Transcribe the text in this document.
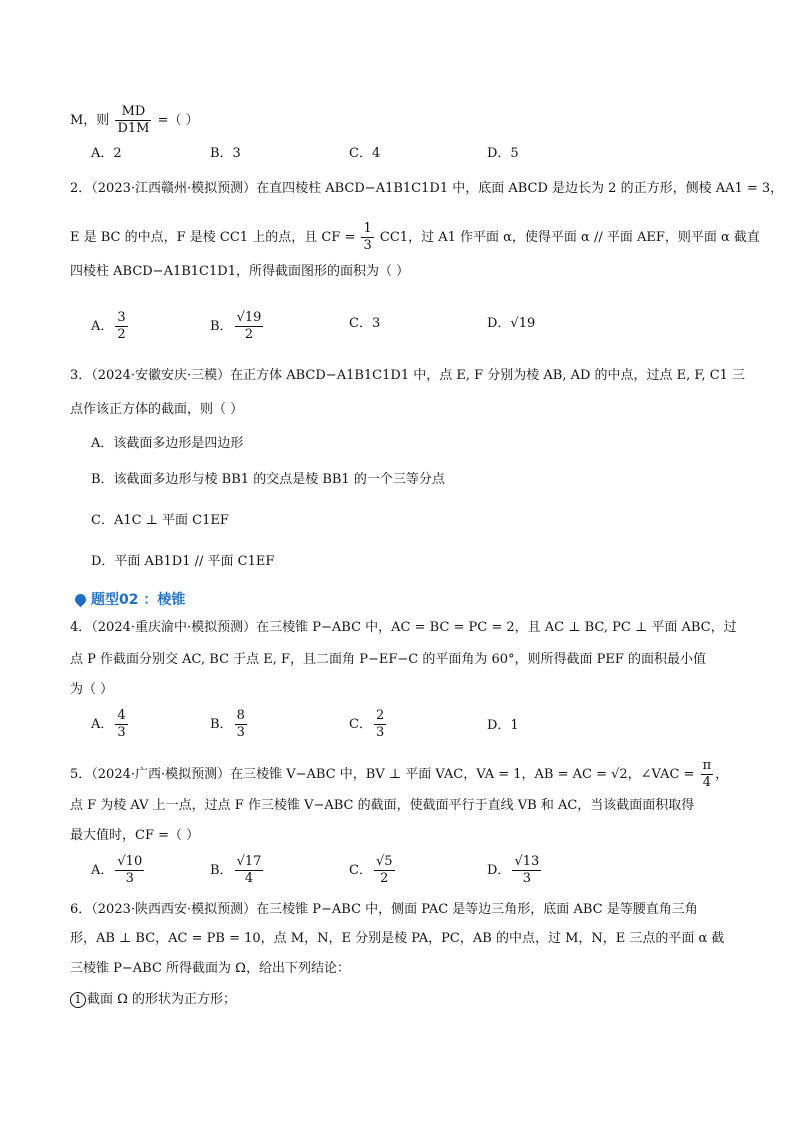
M，则 $\frac{MD}{D1M}$ =（ ）
A．2	B．3	C．4	D．5
2．（2023·江西赣州·模拟预测）在直四棱柱 ABCD−A1B1C1D1 中，底面 ABCD 是边长为 2 的正方形，侧棱 AA1 = 3，
E 是 BC 的中点，F 是棱 CC1 上的点，且 CF = $\frac{1}{3} CC1$，过 A1 作平面 α，使得平面 α // 平面 AEF，则平面 α 截直
四棱柱 ABCD−A1B1C1D1，所得截面图形的面积为（ ）
A． $\frac{3}{2}$	B． $\frac{√19}{2}$	C．3	D．√19
3．（2024·安徽安庆·三模）在正方体 ABCD−A1B1C1D1 中，点 E, F 分别为棱 AB, AD 的中点，过点 E, F, C1 三
点作该正方体的截面，则（ ）
A．该截面多边形是四边形
B．该截面多边形与棱 BB1 的交点是棱 BB1 的一个三等分点
C．A1C ⊥ 平面 C1EF
D．平面 AB1D1 // 平面 C1EF
题型02 ：棱锥
4．（2024·重庆渝中·模拟预测）在三棱锥 P−ABC 中，AC = BC = PC = 2，且 AC ⊥ BC, PC ⊥ 平面 ABC，过
点 P 作截面分别交 AC, BC 于点 E, F，且二面角 P−EF−C 的平面角为 60°，则所得截面 PEF 的面积最小值
为（ ）
A． $\frac{4}{3}$	B． $\frac{8}{3}$	C． $\frac{2}{3}$	D．1
5．（2024·广西·模拟预测）在三棱锥 V−ABC 中，BV ⊥ 平面 VAC，VA = 1，AB = AC = √2，∠VAC = $\frac{\pi}{4}$ ，
点 F 为棱 AV 上一点，过点 F 作三棱锥 V−ABC 的截面，使截面平行于直线 VB 和 AC，当该截面面积取得
最大值时，CF =（ ）
A． $\frac{√10}{3}$	B． $\frac{√17}{4}$	C． $\frac{√5}{2}$	D． $\frac{√13}{3}$
6．（2023·陕西西安·模拟预测）在三棱锥 P−ABC 中，侧面 PAC 是等边三角形，底面 ABC 是等腰直角三角
形，AB ⊥ BC，AC = PB = 10，点 M，N，E 分别是棱 PA，PC，AB 的中点，过 M，N，E 三点的平面 α 截
三棱锥 P−ABC 所得截面为 Ω，给出下列结论：
1 截面 Ω 的形状为正方形；
